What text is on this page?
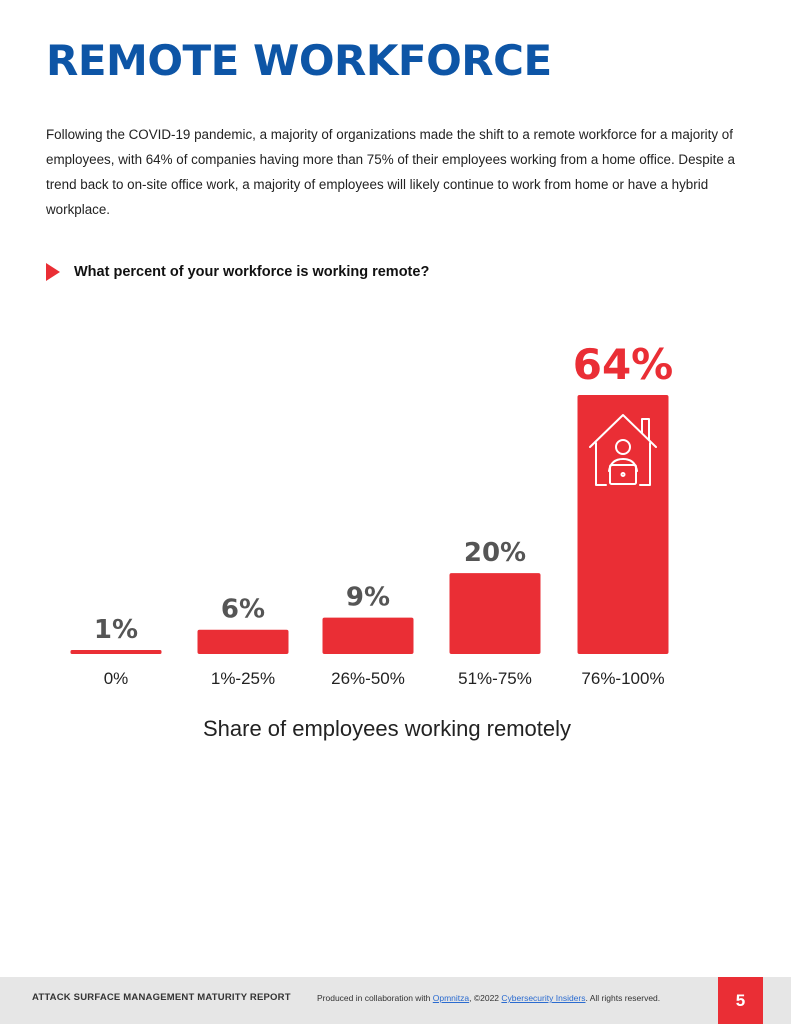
REMOTE WORKFORCE

Following the COVID-19 pandemic, a majority of organizations made the shift to a remote workforce for a majority of employees, with 64% of companies having more than 75% of their employees working from a home office. Despite a trend back to on-site office work, a majority of employees will likely continue to work from home or have a hybrid workplace.

What percent of your workforce is working remote?
1%
0%
6%
1%-25%
9%
26%-50%
20%
51%-75%
64%
76%-100%
Share of employees working remotely
ATTACK SURFACE MANAGEMENT MATURITY REPORT	Produced in collaboration with Opmnitza, ©2022 Cybersecurity Insiders. All rights reserved.	5
